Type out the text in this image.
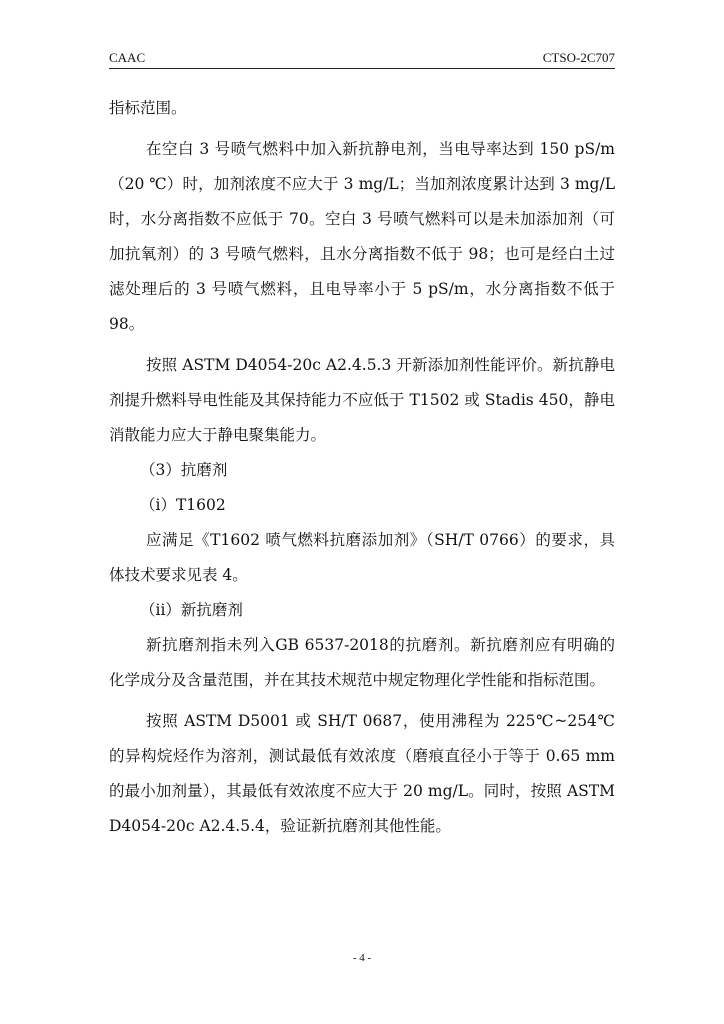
CAAC	CTSO-2C707

指标范围。

在空白 3 号喷气燃料中加入新抗静电剂，当电导率达到 150 pS/m（20 ℃）时，加剂浓度不应大于 3 mg/L；当加剂浓度累计达到 3 mg/L 时，水分离指数不应低于 70。空白 3 号喷气燃料可以是未加添加剂（可加抗氧剂）的 3 号喷气燃料，且水分离指数不低于 98；也可是经白土过滤处理后的 3 号喷气燃料，且电导率小于 5 pS/m，水分离指数不低于 98。

按照 ASTM D4054-20c A2.4.5.3 开新添加剂性能评价。新抗静电剂提升燃料导电性能及其保持能力不应低于 T1502 或 Stadis 450，静电消散能力应大于静电聚集能力。

（3）抗磨剂

（i）T1602

应满足《T1602 喷气燃料抗磨添加剂》（SH/T 0766）的要求，具体技术要求见表 4。

（ii）新抗磨剂

新抗磨剂指未列入GB 6537-2018的抗磨剂。新抗磨剂应有明确的化学成分及含量范围，并在其技术规范中规定物理化学性能和指标范围。

按照 ASTM D5001 或 SH/T 0687，使用沸程为 225℃~254℃的异构烷烃作为溶剂，测试最低有效浓度（磨痕直径小于等于 0.65 mm 的最小加剂量），其最低有效浓度不应大于 20 mg/L。同时，按照 ASTM D4054-20c A2.4.5.4，验证新抗磨剂其他性能。

- 4 -
